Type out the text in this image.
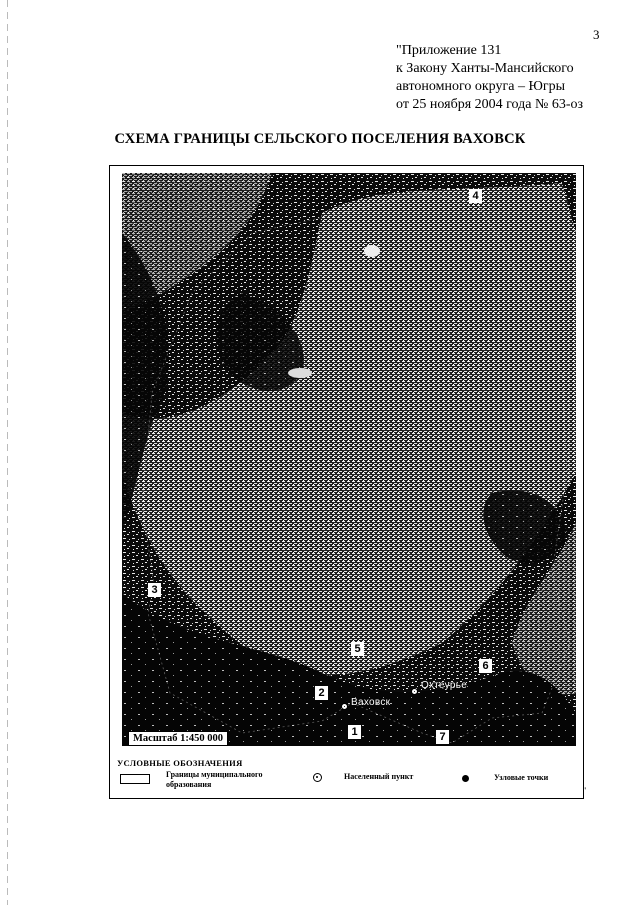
3
"Приложение 131
к Закону Ханты-Мансийского
автономного округа – Югры
от 25 ноября 2004 года № 63-оз
СХЕМА ГРАНИЦЫ СЕЛЬСКОГО ПОСЕЛЕНИЯ ВАХОВСК
4
3
5
6
2
1	7
Ваховск
Охтеурье
Масштаб 1:450 000
УСЛОВНЫЕ ОБОЗНАЧЕНИЯ
Границы муниципального
образования
Населенный пункт	Узловые точки
"
